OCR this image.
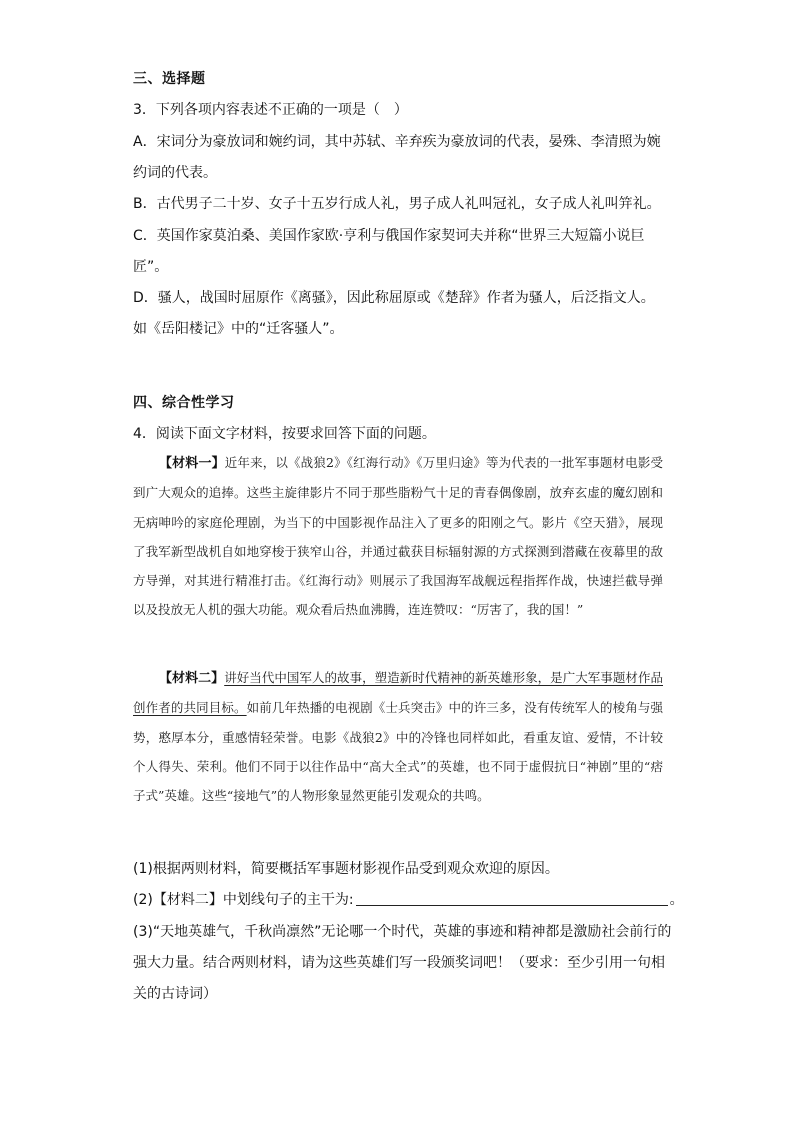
三、选择题
3．下列各项内容表述不正确的一项是（　）
A．宋词分为豪放词和婉约词，其中苏轼、辛弃疾为豪放词的代表，晏殊、李清照为婉
约词的代表。
B．古代男子二十岁、女子十五岁行成人礼，男子成人礼叫冠礼，女子成人礼叫笄礼。
C．英国作家莫泊桑、美国作家欧·亨利与俄国作家契诃夫并称“世界三大短篇小说巨
匠”。
D．骚人，战国时屈原作《离骚》，因此称屈原或《楚辞》作者为骚人，后泛指文人。
如《岳阳楼记》中的“迁客骚人”。
四、综合性学习
4．阅读下面文字材料，按要求回答下面的问题。

【材料一】近年来，以《战狼2》《红海行动》《万里归途》等为代表的一批军事题材电影受到广大观众的追捧。这些主旋律影片不同于那些脂粉气十足的青春偶像剧，放弃玄虚的魔幻剧和无病呻吟的家庭伦理剧，为当下的中国影视作品注入了更多的阳刚之气。影片《空天猎》，展现了我军新型战机自如地穿梭于狭窄山谷，并通过截获目标辐射源的方式探测到潜藏在夜幕里的敌方导弹，对其进行精准打击。《红海行动》则展示了我国海军战舰远程指挥作战，快速拦截导弹以及投放无人机的强大功能。观众看后热血沸腾，连连赞叹：“厉害了，我的国！”

【材料二】讲好当代中国军人的故事，塑造新时代精神的新英雄形象，是广大军事题材作品创作者的共同目标。如前几年热播的电视剧《士兵突击》中的许三多，没有传统军人的棱角与强势，憨厚本分，重感情轻荣誉。电影《战狼2》中的冷锋也同样如此，看重友谊、爱情，不计较个人得失、荣利。他们不同于以往作品中“高大全式”的英雄，也不同于虚假抗日“神剧”里的“痞子式”英雄。这些“接地气”的人物形象显然更能引发观众的共鸣。

(1)根据两则材料，简要概括军事题材影视作品受到观众欢迎的原因。
(2)【材料二】中划线句子的主干为:	。
(3)“天地英雄气，千秋尚凛然”无论哪一个时代，英雄的事迹和精神都是激励社会前行的
强大力量。结合两则材料，请为这些英雄们写一段颁奖词吧！（要求：至少引用一句相
关的古诗词）
